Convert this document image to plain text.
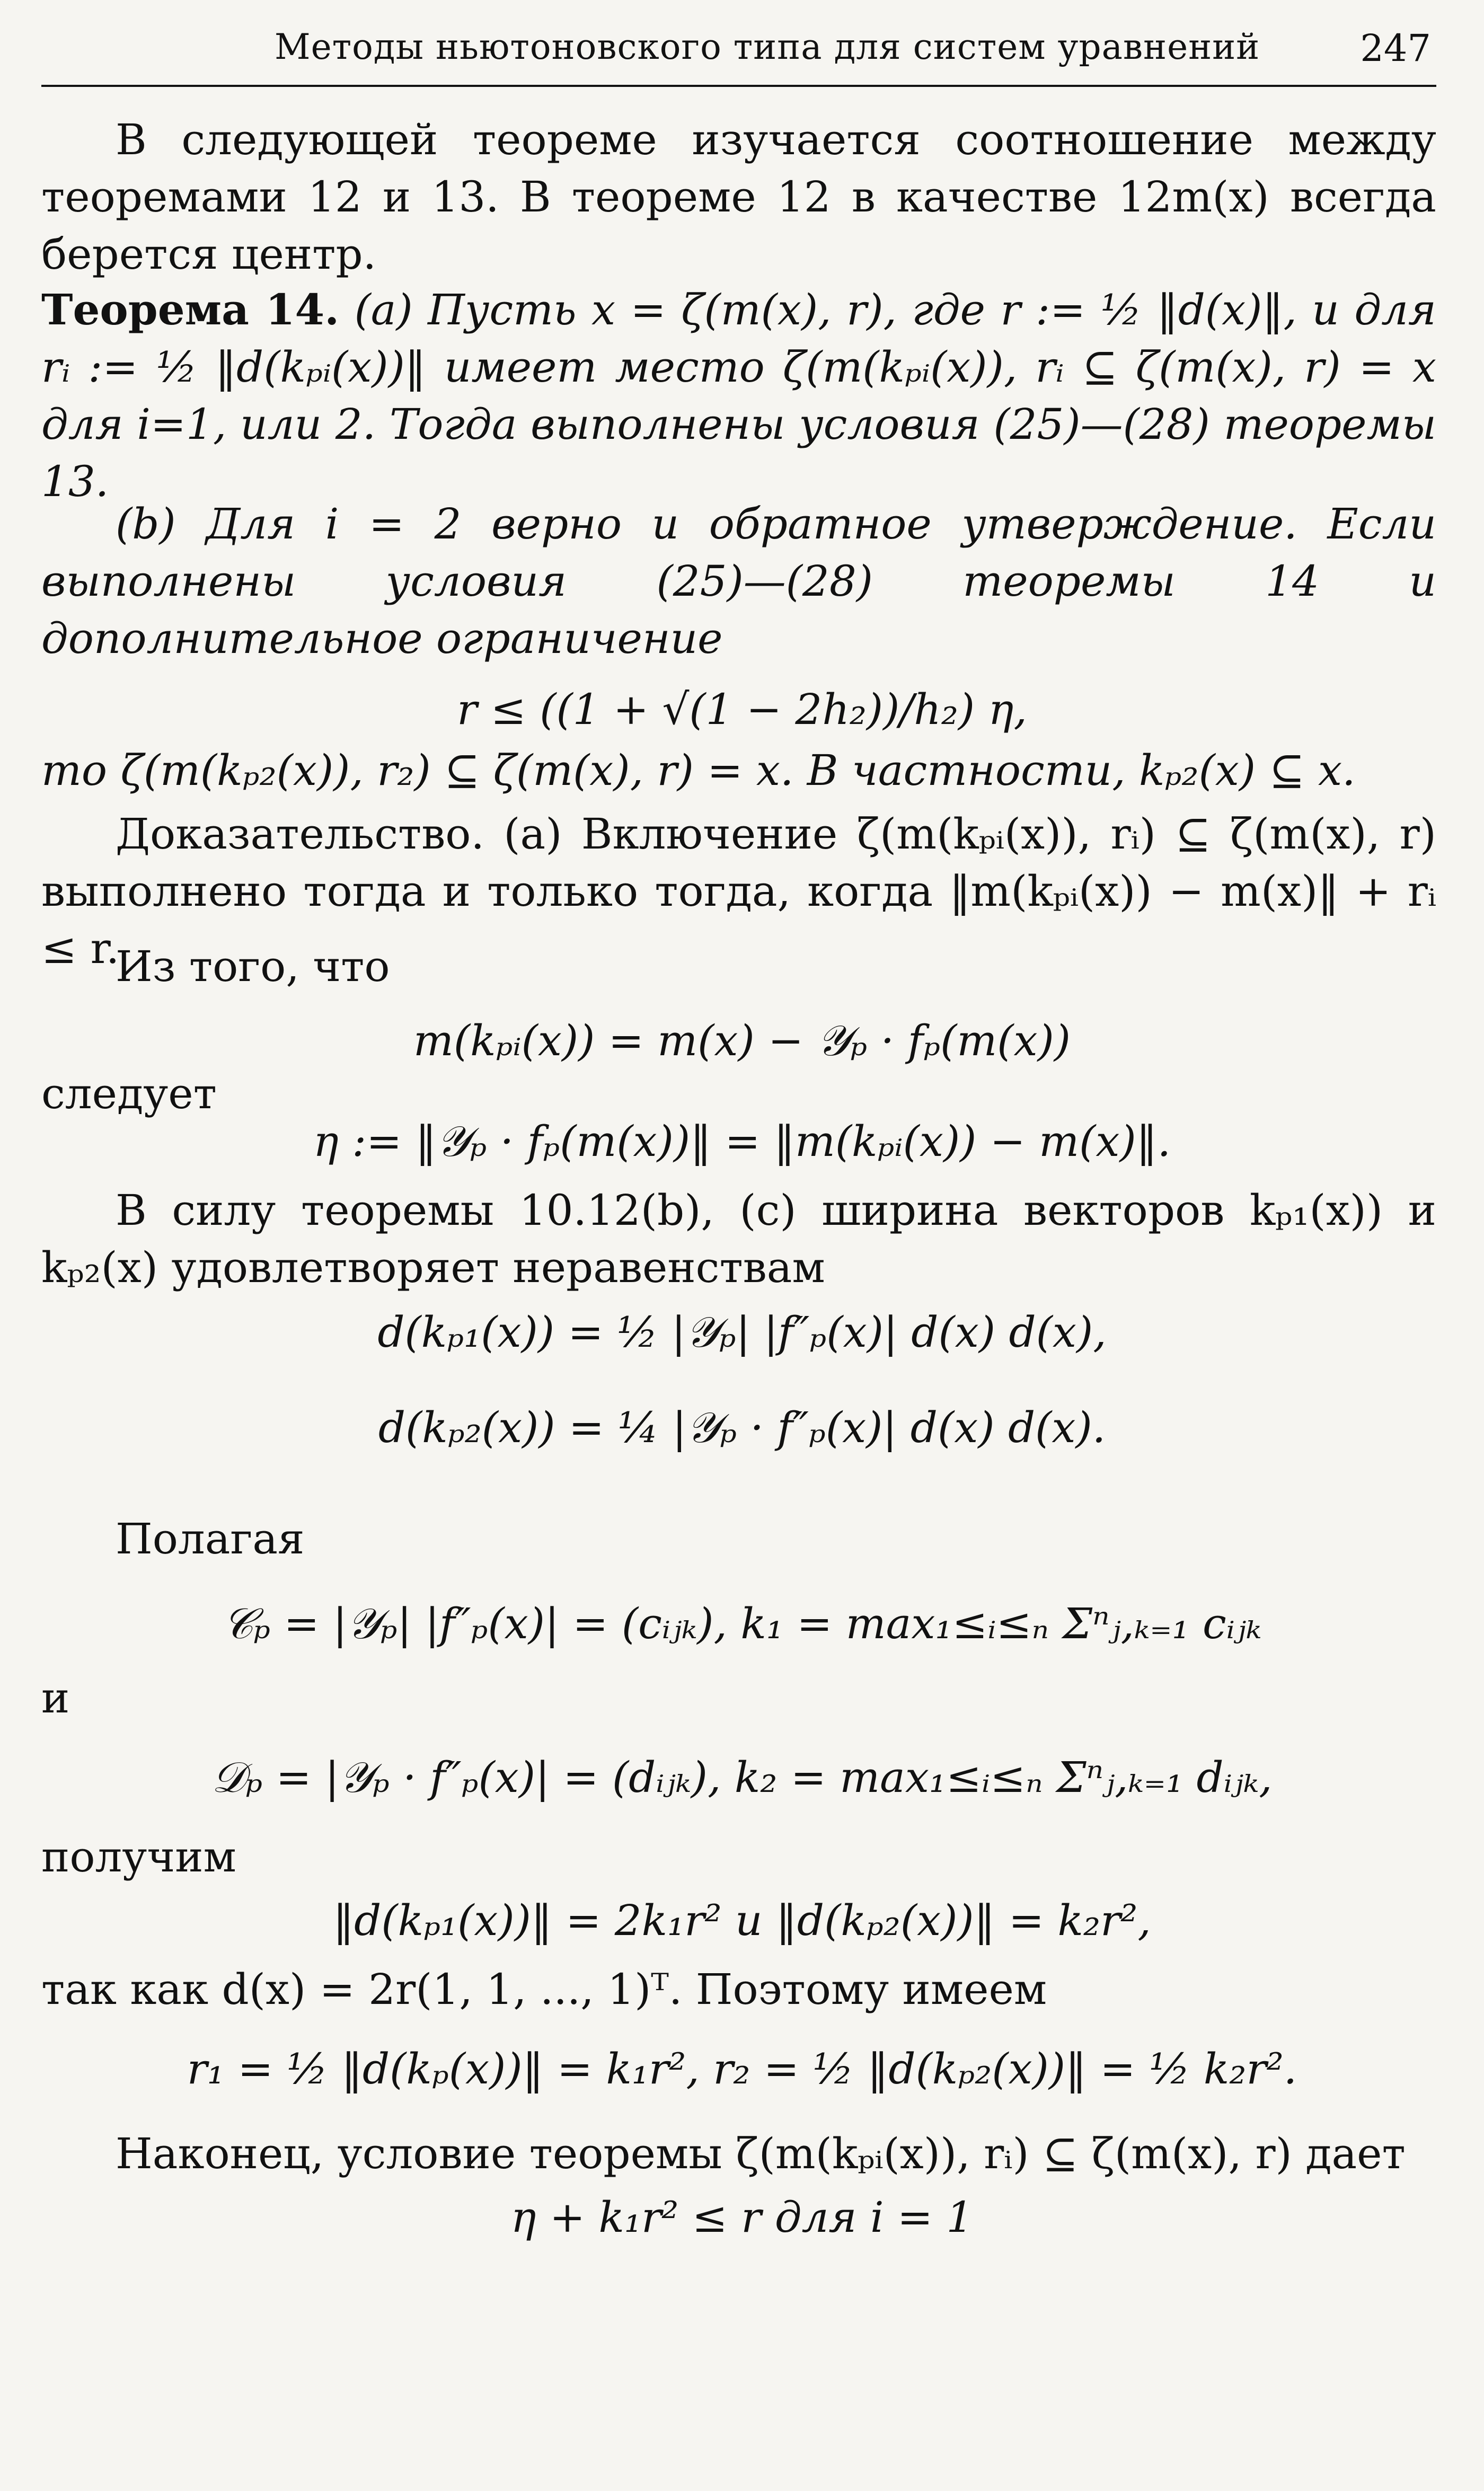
Методы ньютоновского типа для систем уравнений	247

В следующей теореме изучается соотношение между теоремами 12 и 13. В теореме 12 в качестве 12m(x) всегда берется центр.

Теорема 14. (a) Пусть x = ζ(m(x), r), где r := ½ ‖d(x)‖, и для rᵢ := ½ ‖d(kₚᵢ(x))‖ имеет место ζ(m(kₚᵢ(x)), rᵢ ⊆ ζ(m(x), r) = x для i=1, или 2. Тогда выполнены условия (25)—(28) теоремы 13.

(b) Для i = 2 верно и обратное утверждение. Если выполнены условия (25)—(28) теоремы 14 и дополнительное ограничение

r ≤ ((1 + √(1 − 2h₂))/h₂) η,

то ζ(m(kₚ₂(x)), r₂) ⊆ ζ(m(x), r) = x. В частности, kₚ₂(x) ⊆ x.

Доказательство. (a) Включение ζ(m(kₚᵢ(x)), rᵢ) ⊆ ζ(m(x), r) выполнено тогда и только тогда, когда ‖m(kₚᵢ(x)) − m(x)‖ + rᵢ ≤ r.

Из того, что

m(kₚᵢ(x)) = m(x) − 𝒴ₚ · fₚ(m(x))
следует
η := ‖𝒴ₚ · fₚ(m(x))‖ = ‖m(kₚᵢ(x)) − m(x)‖.

В силу теоремы 10.12(b), (c) ширина векторов kₚ₁(x)) и kₚ₂(x) удовлетворяет неравенствам

d(kₚ₁(x)) = ½ |𝒴ₚ| |f″ₚ(x)| d(x) d(x),
d(kₚ₂(x)) = ¼ |𝒴ₚ · f″ₚ(x)| d(x) d(x).

Полагая

𝒞ₚ = |𝒴ₚ| |f″ₚ(x)| = (cᵢⱼₖ), k₁ = max₁≤ᵢ≤ₙ Σⁿⱼ,ₖ₌₁ cᵢⱼₖ
и
𝒟ₚ = |𝒴ₚ · f″ₚ(x)| = (dᵢⱼₖ), k₂ = max₁≤ᵢ≤ₙ Σⁿⱼ,ₖ₌₁ dᵢⱼₖ,
получим
‖d(kₚ₁(x))‖ = 2k₁r² и ‖d(kₚ₂(x))‖ = k₂r²,

так как d(x) = 2r(1, 1, ..., 1)ᵀ. Поэтому имеем

r₁ = ½ ‖d(kₚ(x))‖ = k₁r², r₂ = ½ ‖d(kₚ₂(x))‖ = ½ k₂r².

Наконец, условие теоремы ζ(m(kₚᵢ(x)), rᵢ) ⊆ ζ(m(x), r) дает

η + k₁r² ≤ r для i = 1
